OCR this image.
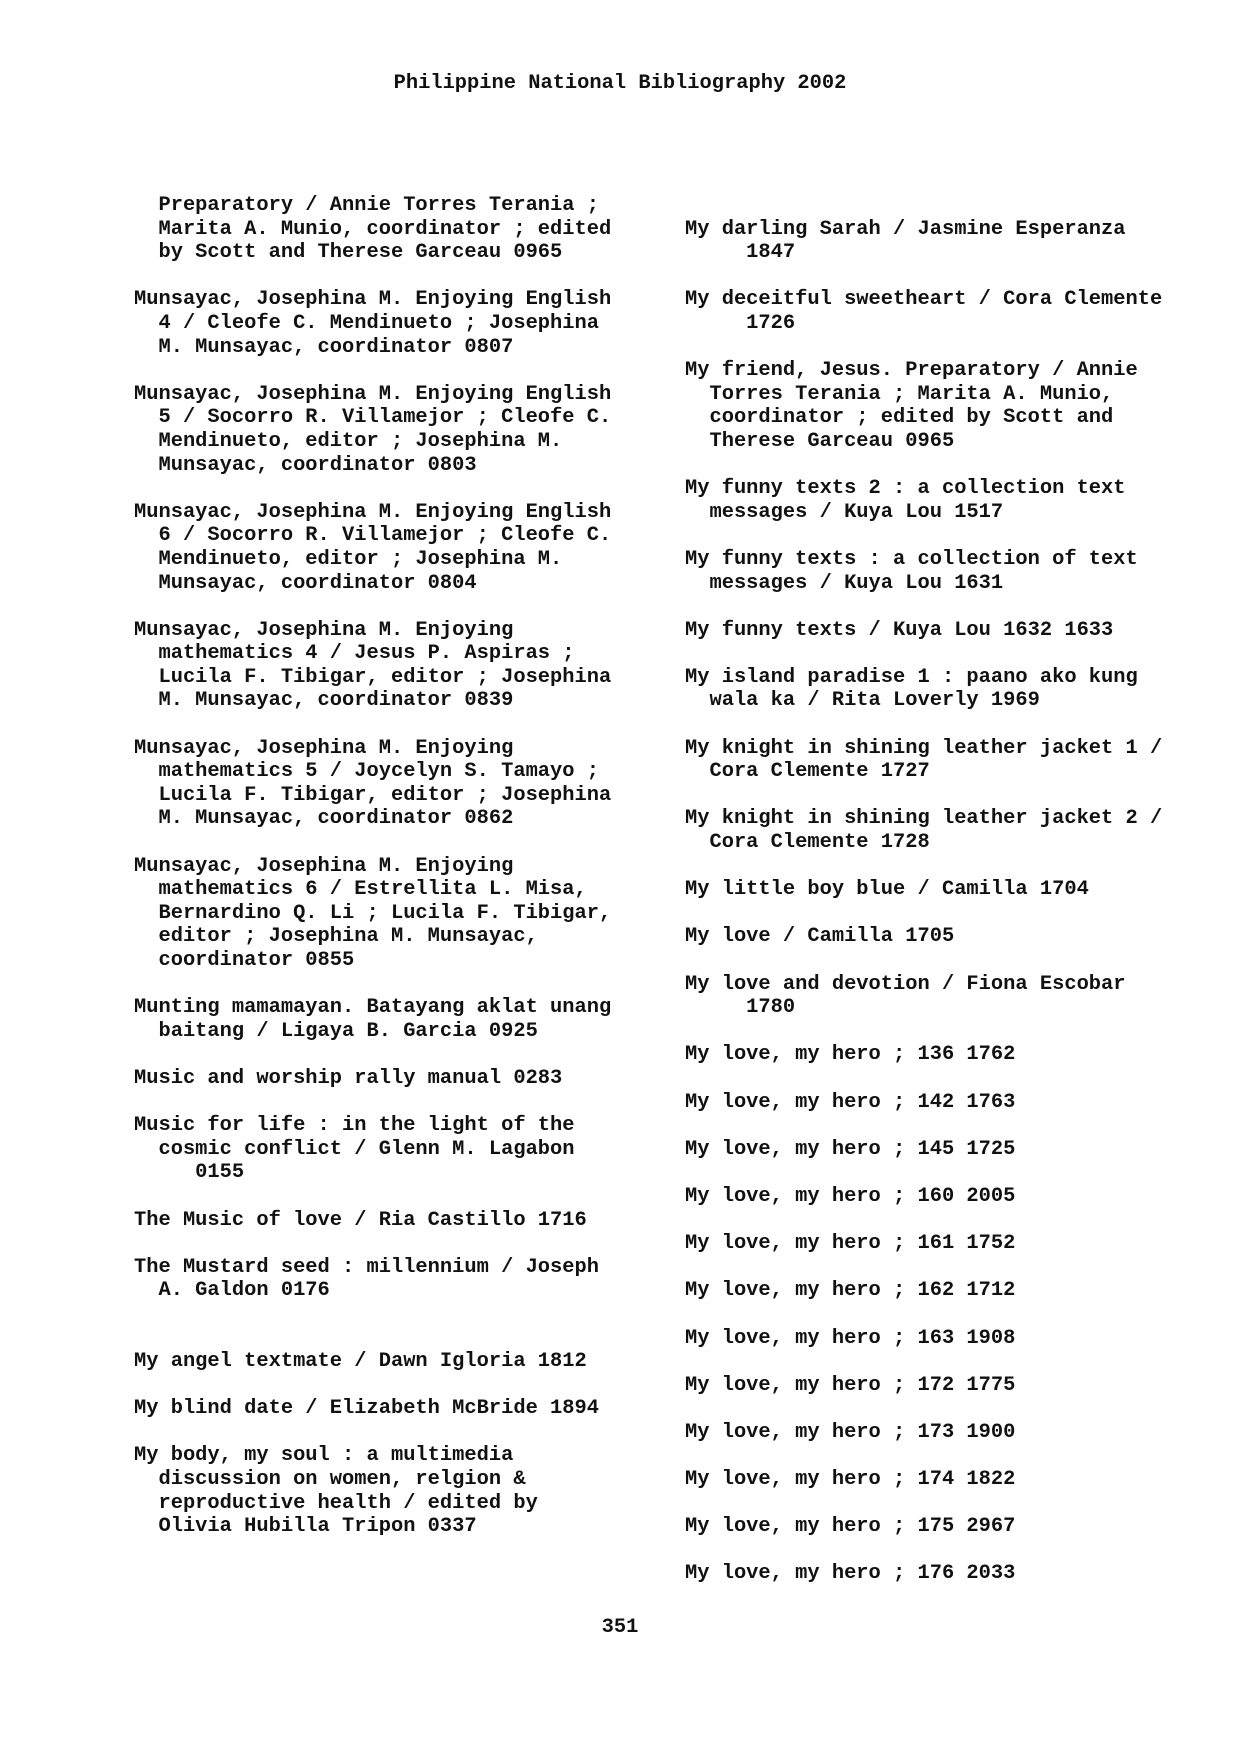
Philippine National Bibliography 2002
Preparatory / Annie Torres Terania ;
Marita A. Munio, coordinator ; edited
by Scott and Therese Garceau 0965
Munsayac, Josephina M. Enjoying English
4 / Cleofe C. Mendinueto ; Josephina
M. Munsayac, coordinator 0807
Munsayac, Josephina M. Enjoying English
5 / Socorro R. Villamejor ; Cleofe C.
Mendinueto, editor ; Josephina M.
Munsayac, coordinator 0803
Munsayac, Josephina M. Enjoying English
6 / Socorro R. Villamejor ; Cleofe C.
Mendinueto, editor ; Josephina M.
Munsayac, coordinator 0804
Munsayac, Josephina M. Enjoying
mathematics 4 / Jesus P. Aspiras ;
Lucila F. Tibigar, editor ; Josephina
M. Munsayac, coordinator 0839
Munsayac, Josephina M. Enjoying
mathematics 5 / Joycelyn S. Tamayo ;
Lucila F. Tibigar, editor ; Josephina
M. Munsayac, coordinator 0862
Munsayac, Josephina M. Enjoying
mathematics 6 / Estrellita L. Misa,
Bernardino Q. Li ; Lucila F. Tibigar,
editor ; Josephina M. Munsayac,
coordinator 0855
Munting mamamayan. Batayang aklat unang
baitang / Ligaya B. Garcia 0925
Music and worship rally manual 0283
Music for life : in the light of the
cosmic conflict / Glenn M. Lagabon
0155
The Music of love / Ria Castillo 1716
The Mustard seed : millennium / Joseph
A. Galdon 0176
My angel textmate / Dawn Igloria 1812
My blind date / Elizabeth McBride 1894
My body, my soul : a multimedia
discussion on women, relgion &
reproductive health / edited by
Olivia Hubilla Tripon 0337
My darling Sarah / Jasmine Esperanza
1847
My deceitful sweetheart / Cora Clemente
1726
My friend, Jesus. Preparatory / Annie
Torres Terania ; Marita A. Munio,
coordinator ; edited by Scott and
Therese Garceau 0965
My funny texts 2 : a collection text
messages / Kuya Lou 1517
My funny texts : a collection of text
messages / Kuya Lou 1631
My funny texts / Kuya Lou 1632 1633
My island paradise 1 : paano ako kung
wala ka / Rita Loverly 1969
My knight in shining leather jacket 1 /
Cora Clemente 1727
My knight in shining leather jacket 2 /
Cora Clemente 1728
My little boy blue / Camilla 1704
My love / Camilla 1705
My love and devotion / Fiona Escobar
1780
My love, my hero ; 136 1762
My love, my hero ; 142 1763
My love, my hero ; 145 1725
My love, my hero ; 160 2005
My love, my hero ; 161 1752
My love, my hero ; 162 1712
My love, my hero ; 163 1908
My love, my hero ; 172 1775
My love, my hero ; 173 1900
My love, my hero ; 174 1822
My love, my hero ; 175 2967
My love, my hero ; 176 2033
351
